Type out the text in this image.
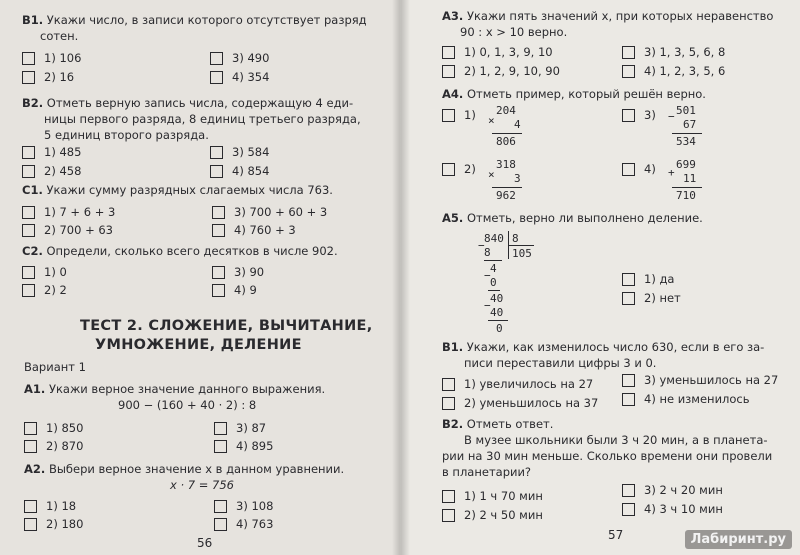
В1. Укажи число, в записи которого отсутствует разряд
сотен.
1) 106
2) 16
3) 490
4) 354
В2. Отметь верную запись числа, содержащую 4 еди-
ницы первого разряда, 8 единиц третьего разряда,
5 единиц второго разряда.
1) 485
2) 458
3) 584
4) 854
С1. Укажи сумму разрядных слагаемых числа 763.
1) 7 + 6 + 3
2) 700 + 63
3) 700 + 60 + 3
4) 760 + 3
С2. Определи, сколько всего десятков в числе 902.
1) 0
2) 2
3) 90
4) 9
ТЕСТ 2. СЛОЖЕНИЕ, ВЫЧИТАНИЕ,
УМНОЖЕНИЕ, ДЕЛЕНИЕ
Вариант 1
А1. Укажи верное значение данного выражения.
900 − (160 + 40 · 2) : 8
1) 850
2) 870
3) 87
4) 895
А2. Выбери верное значение x в данном уравнении.
x · 7 = 756
1) 18
2) 180
3) 108
4) 763
56
А3. Укажи пять значений x, при которых неравенство
90 : x > 10 верно.
1) 0, 1, 3, 9, 10
2) 1, 2, 9, 10, 90
3) 1, 3, 5, 6, 8
4) 1, 2, 3, 5, 6
А4. Отметь пример, который решён верно.
1) ×
204
4
806
3) − 501
67
534
2) ×
318
3
962
4) +
699
11
710
А5. Отметь, верно ли выполнено деление.
840 8
105
−
8
4
−
0
40
−
40
0
1) да
2) нет
В1. Укажи, как изменилось число 630, если в его за-
писи переставили цифры 3 и 0.
1) увеличилось на 27
2) уменьшилось на 37
3) уменьшилось на 27
4) не изменилось
В2. Отметь ответ.
В музее школьники были 3 ч 20 мин, а в планета-
рии на 30 мин меньше. Сколько времени они провели
в планетарии?
1) 1 ч 70 мин
2) 2 ч 50 мин
3) 2 ч 20 мин
4) 3 ч 10 мин
57	Лабиринт.ру
